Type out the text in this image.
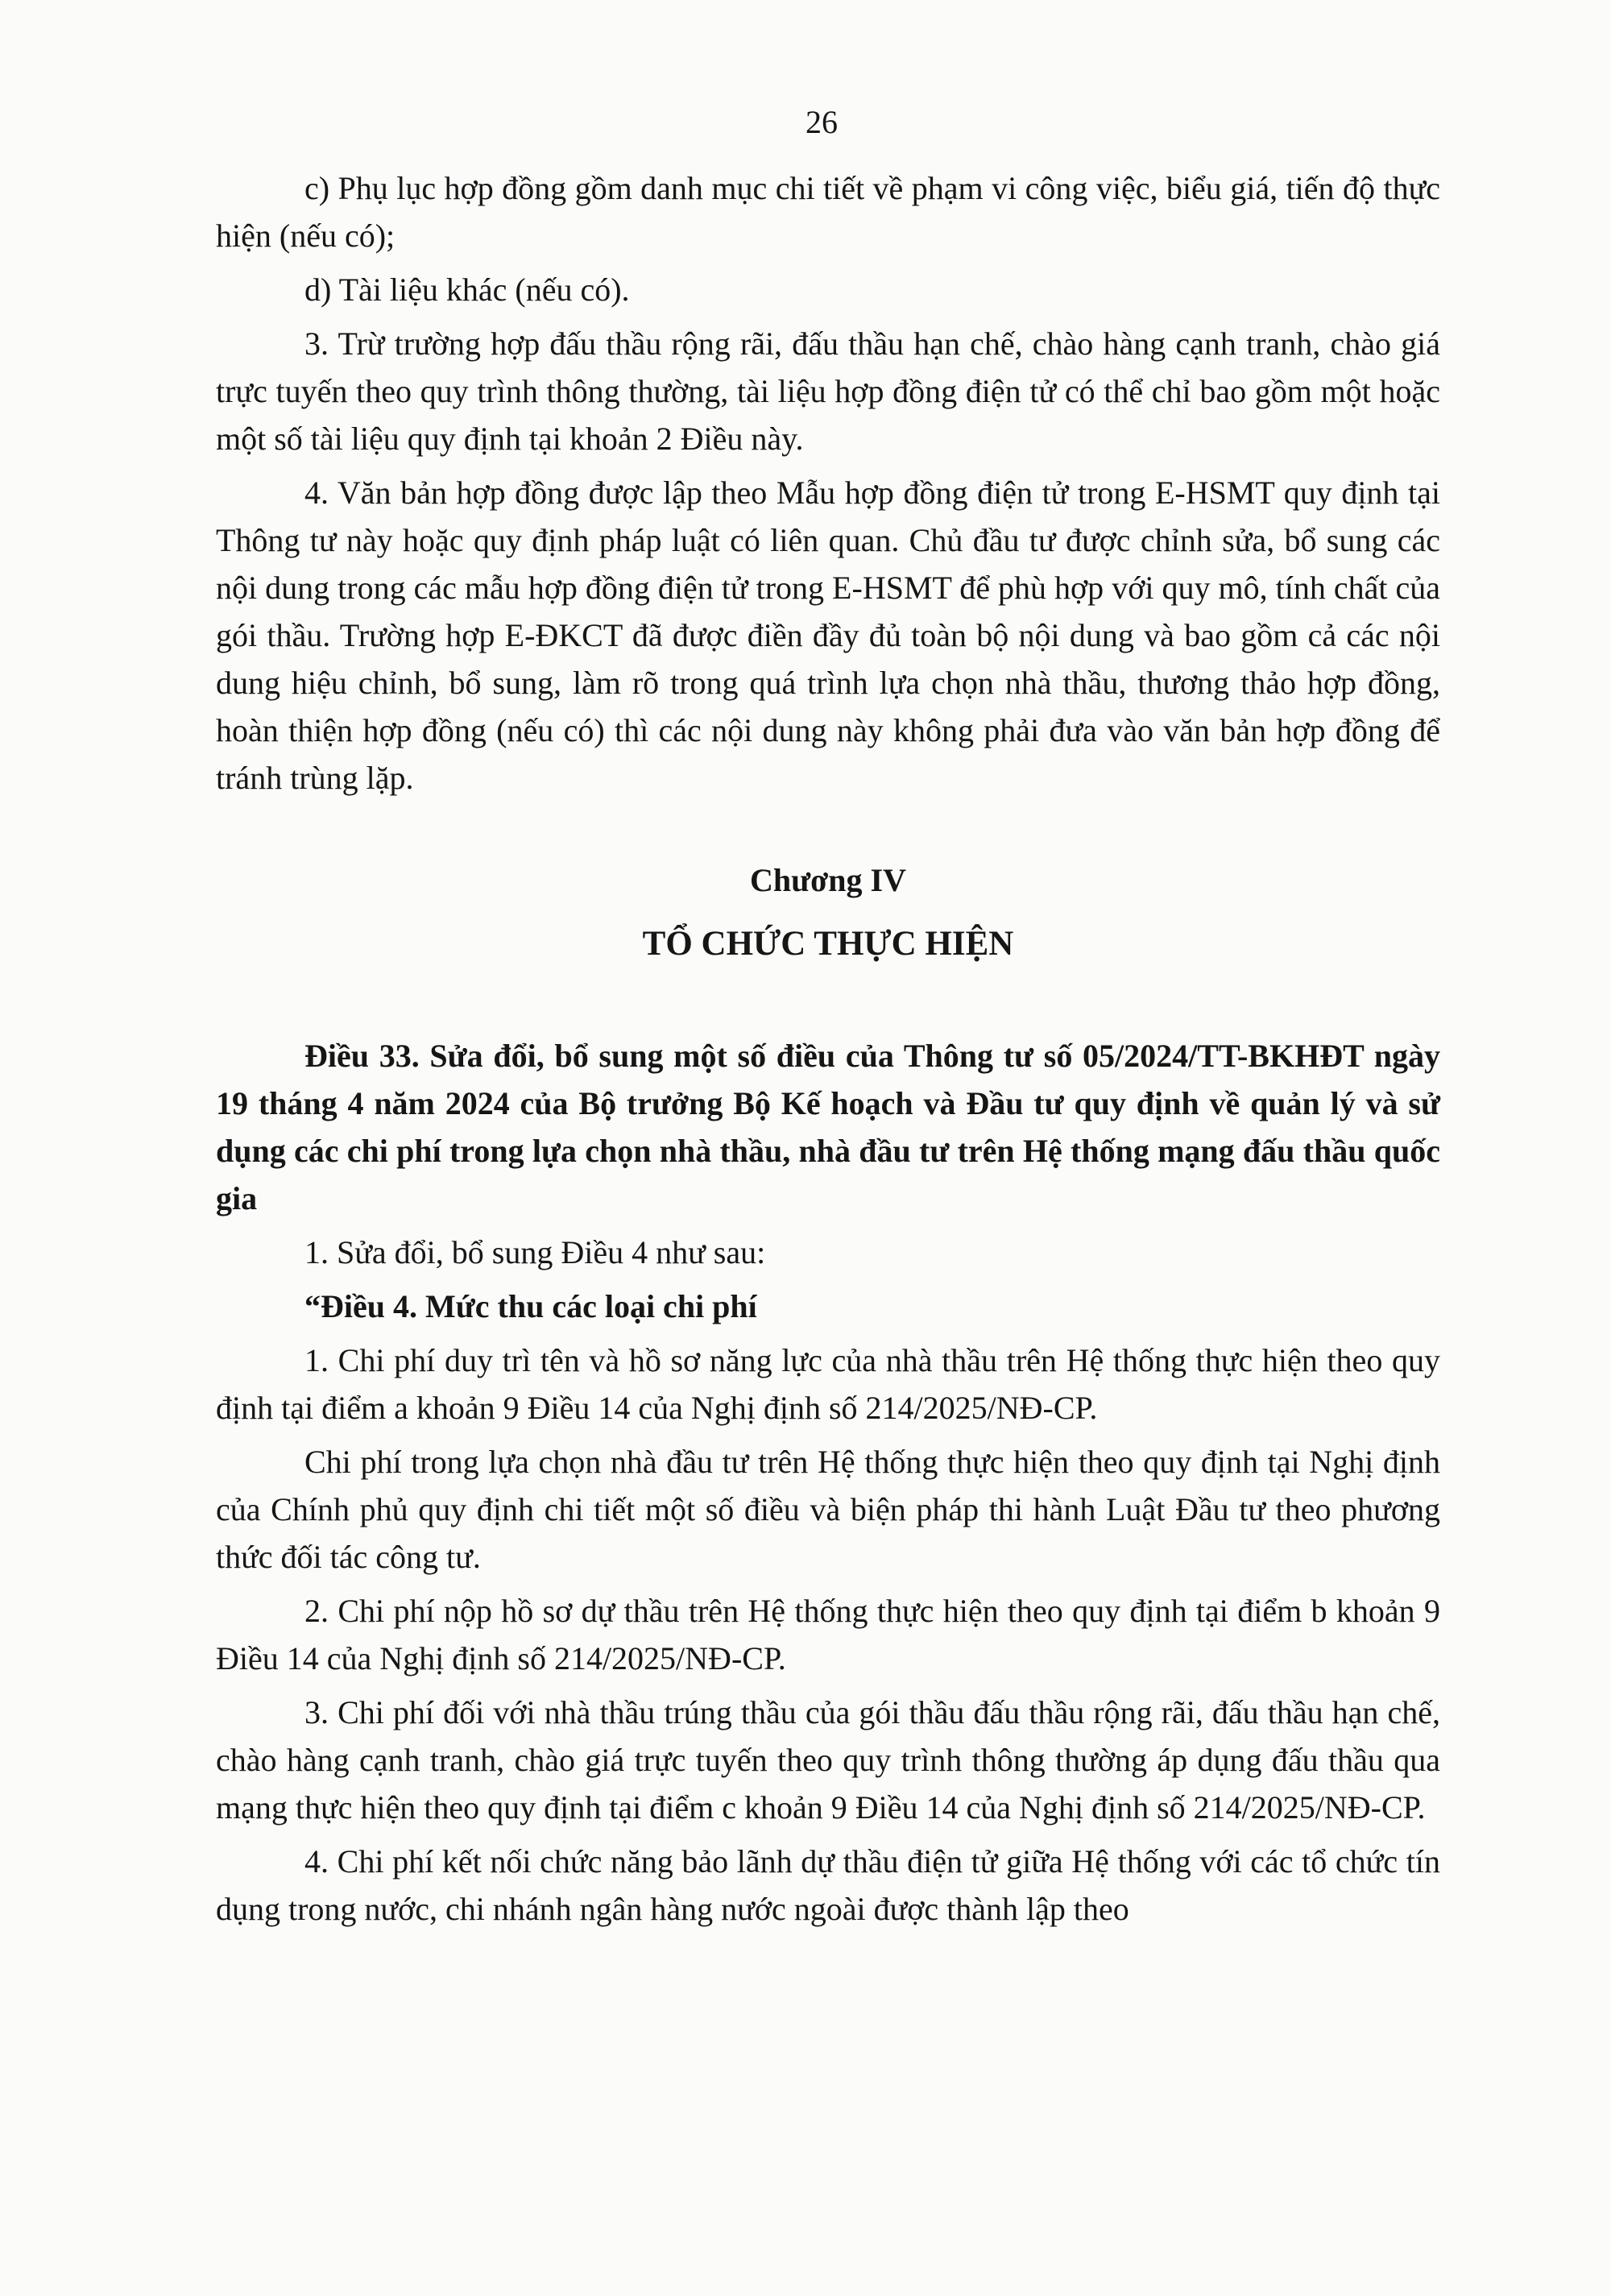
26

c) Phụ lục hợp đồng gồm danh mục chi tiết về phạm vi công việc, biểu giá, tiến độ thực hiện (nếu có);

d) Tài liệu khác (nếu có).

3. Trừ trường hợp đấu thầu rộng rãi, đấu thầu hạn chế, chào hàng cạnh tranh, chào giá trực tuyến theo quy trình thông thường, tài liệu hợp đồng điện tử có thể chỉ bao gồm một hoặc một số tài liệu quy định tại khoản 2 Điều này.

4. Văn bản hợp đồng được lập theo Mẫu hợp đồng điện tử trong E-HSMT quy định tại Thông tư này hoặc quy định pháp luật có liên quan. Chủ đầu tư được chỉnh sửa, bổ sung các nội dung trong các mẫu hợp đồng điện tử trong E-HSMT để phù hợp với quy mô, tính chất của gói thầu. Trường hợp E-ĐKCT đã được điền đầy đủ toàn bộ nội dung và bao gồm cả các nội dung hiệu chỉnh, bổ sung, làm rõ trong quá trình lựa chọn nhà thầu, thương thảo hợp đồng, hoàn thiện hợp đồng (nếu có) thì các nội dung này không phải đưa vào văn bản hợp đồng để tránh trùng lặp.

Chương IV

TỔ CHỨC THỰC HIỆN

Điều 33. Sửa đổi, bổ sung một số điều của Thông tư số 05/2024/TT-BKHĐT ngày 19 tháng 4 năm 2024 của Bộ trưởng Bộ Kế hoạch và Đầu tư quy định về quản lý và sử dụng các chi phí trong lựa chọn nhà thầu, nhà đầu tư trên Hệ thống mạng đấu thầu quốc gia

1. Sửa đổi, bổ sung Điều 4 như sau:

“Điều 4. Mức thu các loại chi phí

1. Chi phí duy trì tên và hồ sơ năng lực của nhà thầu trên Hệ thống thực hiện theo quy định tại điểm a khoản 9 Điều 14 của Nghị định số 214/2025/NĐ-CP.

Chi phí trong lựa chọn nhà đầu tư trên Hệ thống thực hiện theo quy định tại Nghị định của Chính phủ quy định chi tiết một số điều và biện pháp thi hành Luật Đầu tư theo phương thức đối tác công tư.

2. Chi phí nộp hồ sơ dự thầu trên Hệ thống thực hiện theo quy định tại điểm b khoản 9 Điều 14 của Nghị định số 214/2025/NĐ-CP.

3. Chi phí đối với nhà thầu trúng thầu của gói thầu đấu thầu rộng rãi, đấu thầu hạn chế, chào hàng cạnh tranh, chào giá trực tuyến theo quy trình thông thường áp dụng đấu thầu qua mạng thực hiện theo quy định tại điểm c khoản 9 Điều 14 của Nghị định số 214/2025/NĐ-CP.

4. Chi phí kết nối chức năng bảo lãnh dự thầu điện tử giữa Hệ thống với các tổ chức tín dụng trong nước, chi nhánh ngân hàng nước ngoài được thành lập theo
